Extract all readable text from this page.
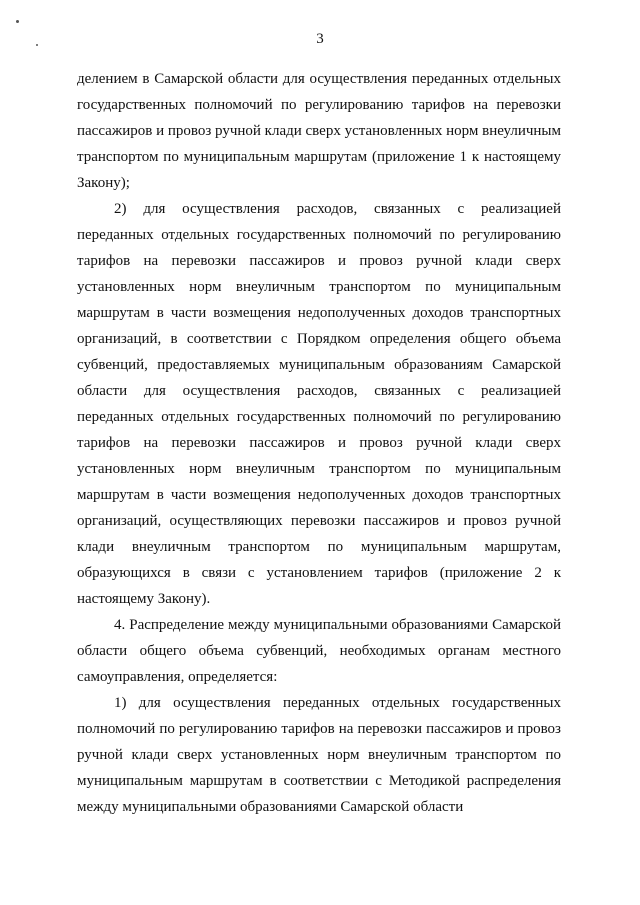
3

делением в Самарской области для осуществления переданных отдельных государственных полномочий по регулированию тарифов на перевозки пассажиров и провоз ручной клади сверх установленных норм внеуличным транспортом по муниципальным маршрутам (приложение 1 к настоящему Закону);

2) для осуществления расходов, связанных с реализацией переданных отдельных государственных полномочий по регулированию тарифов на перевозки пассажиров и провоз ручной клади сверх установленных норм внеуличным транспортом по муниципальным маршрутам в части возмещения недополученных доходов транспортных организаций, в соответствии с Порядком определения общего объема субвенций, предоставляемых муниципальным образованиям Самарской области для осуществления расходов, связанных с реализацией переданных отдельных государственных полномочий по регулированию тарифов на перевозки пассажиров и провоз ручной клади сверх установленных норм внеуличным транспортом по муниципальным маршрутам в части возмещения недополученных доходов транспортных организаций, осуществляющих перевозки пассажиров и провоз ручной клади внеуличным транспортом по муниципальным маршрутам, образующихся в связи с установлением тарифов (приложение 2 к настоящему Закону).

4. Распределение между муниципальными образованиями Самарской области общего объема субвенций, необходимых органам местного самоуправления, определяется:

1) для осуществления переданных отдельных государственных полномочий по регулированию тарифов на перевозки пассажиров и провоз ручной клади сверх установленных норм внеуличным транспортом по муниципальным маршрутам в соответствии с Методикой распределения между муниципальными образованиями Самарской области
